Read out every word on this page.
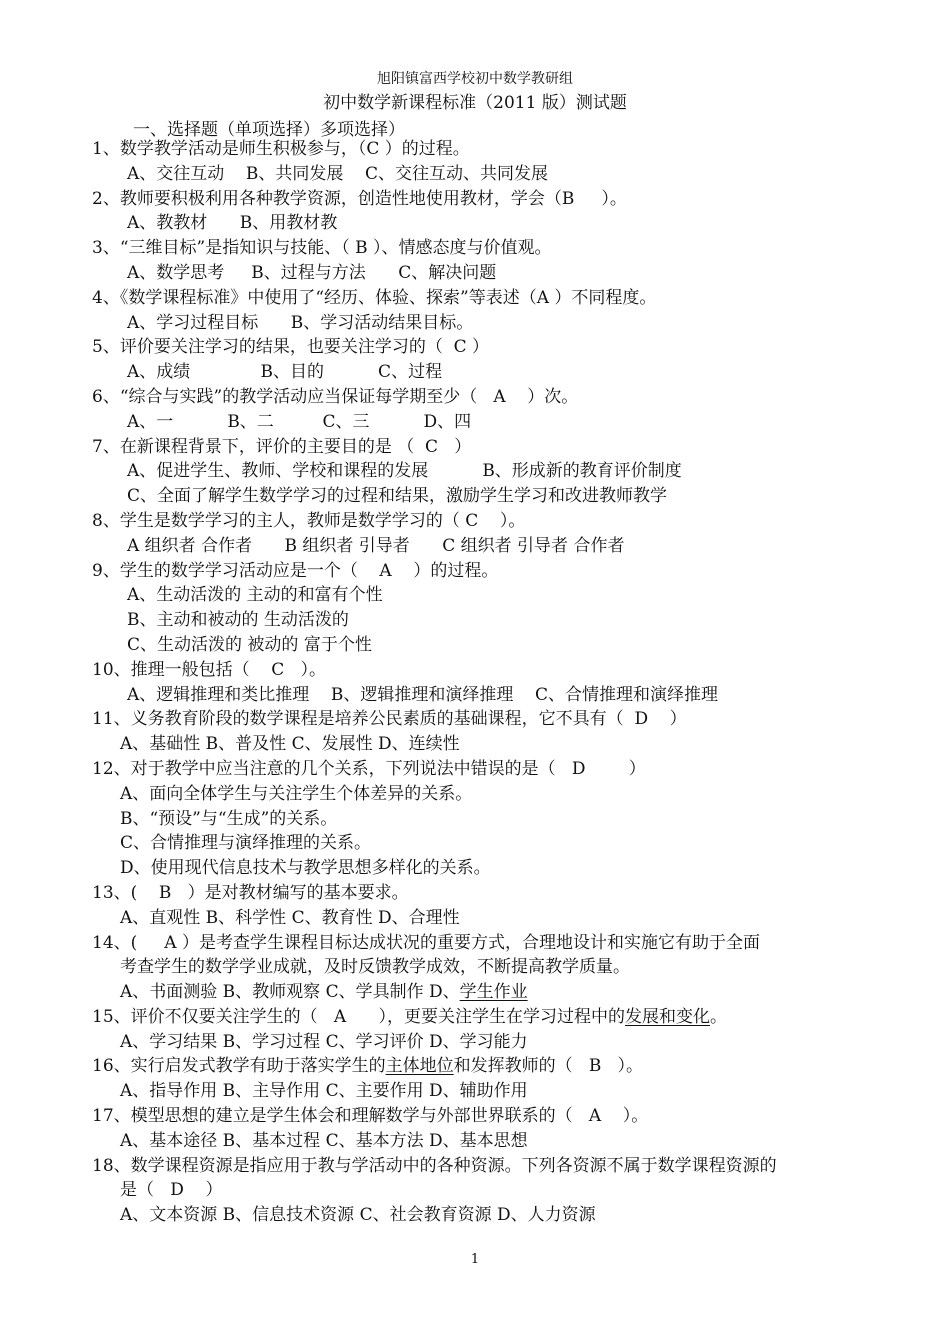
旭阳镇富西学校初中数学教研组
初中数学新课程标准（2011 版）测试题
一、选择题（单项选择）多项选择）
1、数学教学活动是师生积极参与，（C ）的过程。
A、交往互动    B、共同发展    C、交往互动、共同发展
2、教师要积极利用各种教学资源，创造性地使用教材，学会（B     ）。
A、教教材      B、用教材教
3、“三维目标”是指知识与技能、（ B ）、情感态度与价值观。
A、数学思考     B、过程与方法      C、解决问题
4、《数学课程标准》中使用了“经历、体验、探索”等表述（A ）不同程度。
A、学习过程目标      B、学习活动结果目标。
5、评价要关注学习的结果，也要关注学习的（  C ）
A、成绩             B、目的          C、过程
6、“综合与实践”的教学活动应当保证每学期至少（   A    ）次。
A、一          B、二         C、三          D、四
7、在新课程背景下，评价的主要目的是 （  C   ）
A、促进学生、教师、学校和课程的发展          B、形成新的教育评价制度
C、全面了解学生数学学习的过程和结果，激励学生学习和改进教师教学
8、学生是数学学习的主人，教师是数学学习的（ C    ）。
A 组织者 合作者      B 组织者 引导者      C 组织者 引导者 合作者
9、学生的数学学习活动应是一个（    A    ）的过程。
A、生动活泼的 主动的和富有个性
B、主动和被动的 生动活泼的
C、生动活泼的 被动的 富于个性
10、推理一般包括（    C   ）。
A、逻辑推理和类比推理    B、逻辑推理和演绎推理    C、合情推理和演绎推理
11、义务教育阶段的数学课程是培养公民素质的基础课程，它不具有（  D    ）
A、基础性 B、普及性 C、发展性 D、连续性
12、对于教学中应当注意的几个关系，下列说法中错误的是（   D        ）
A、面向全体学生与关注学生个体差异的关系。
B、“预设”与“生成”的关系。
C、合情推理与演绎推理的关系。
D、使用现代信息技术与教学思想多样化的关系。
13、(    B   ）是对教材编写的基本要求。
A、直观性 B、科学性 C、教育性 D、合理性
14、(     A ）是考查学生课程目标达成状况的重要方式，合理地设计和实施它有助于全面
考查学生的数学学业成就，及时反馈教学成效，不断提高教学质量。
A、书面测验 B、教师观察 C、学具制作 D、学生作业
15、评价不仅要关注学生的（   A      ），更要关注学生在学习过程中的发展和变化。
A、学习结果 B、学习过程 C、学习评价 D、学习能力
16、实行启发式教学有助于落实学生的主体地位和发挥教师的（   B   ）。
A、指导作用 B、主导作用 C、主要作用 D、辅助作用
17、模型思想的建立是学生体会和理解数学与外部世界联系的（   A    ）。
A、基本途径 B、基本过程 C、基本方法 D、基本思想
18、数学课程资源是指应用于教与学活动中的各种资源。下列各资源不属于数学课程资源的
是（   D    ）
A、文本资源 B、信息技术资源 C、社会教育资源 D、人力资源
1
